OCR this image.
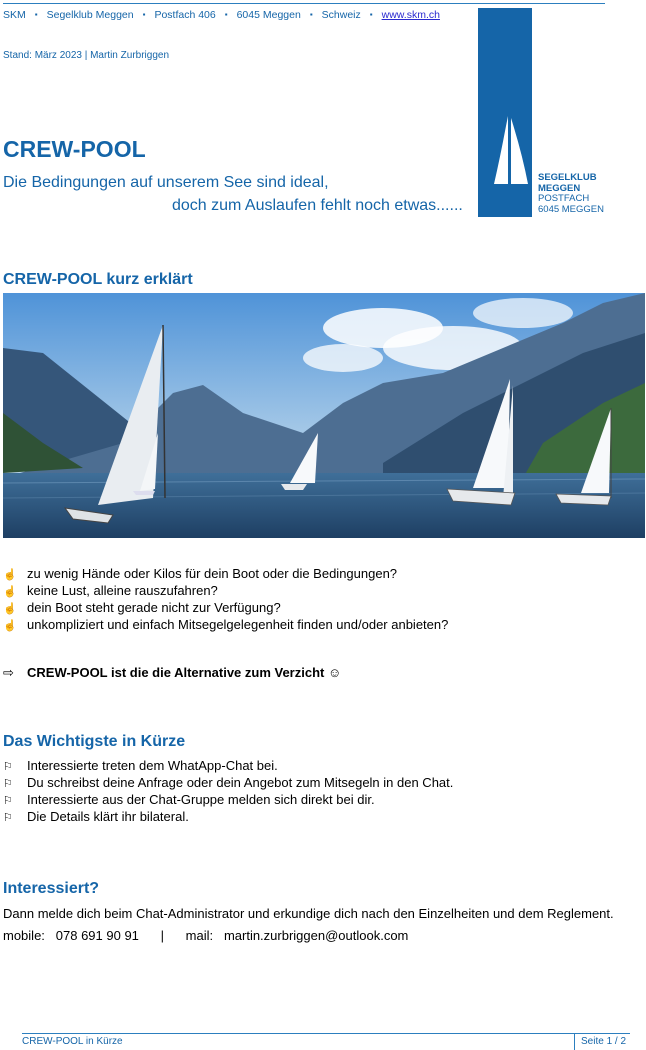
SKM ▪ Segelklub Meggen ▪ Postfach 406 ▪ 6045 Meggen ▪ Schweiz ▪ www.skm.ch
Stand: März 2023 | Martin Zurbriggen
SEGELKLUB
MEGGEN
POSTFACH
6045 MEGGEN
CREW-POOL
Die Bedingungen auf unserem See sind ideal,
doch zum Auslaufen fehlt noch etwas......
CREW-POOL kurz erklärt
☝ zu wenig Hände oder Kilos für dein Boot oder die Bedingungen?
☝ keine Lust, alleine rauszufahren?
☝ dein Boot steht gerade nicht zur Verfügung?
☝ unkompliziert und einfach Mitsegelgelegenheit finden und/oder anbieten?
⇨ CREW-POOL ist die die Alternative zum Verzicht ☺
Das Wichtigste in Kürze
⚐ Interessierte treten dem WhatApp-Chat bei.
⚐ Du schreibst deine Anfrage oder dein Angebot zum Mitsegeln in den Chat.
⚐ Interessierte aus der Chat-Gruppe melden sich direkt bei dir.
⚐ Die Details klärt ihr bilateral.
Interessiert?
Dann melde dich beim Chat-Administrator und erkundige dich nach den Einzelheiten und dem Reglement.
mobile: 078 691 90 91 | mail: martin.zurbriggen@outlook.com
CREW-POOL in Kürze	Seite 1 / 2
